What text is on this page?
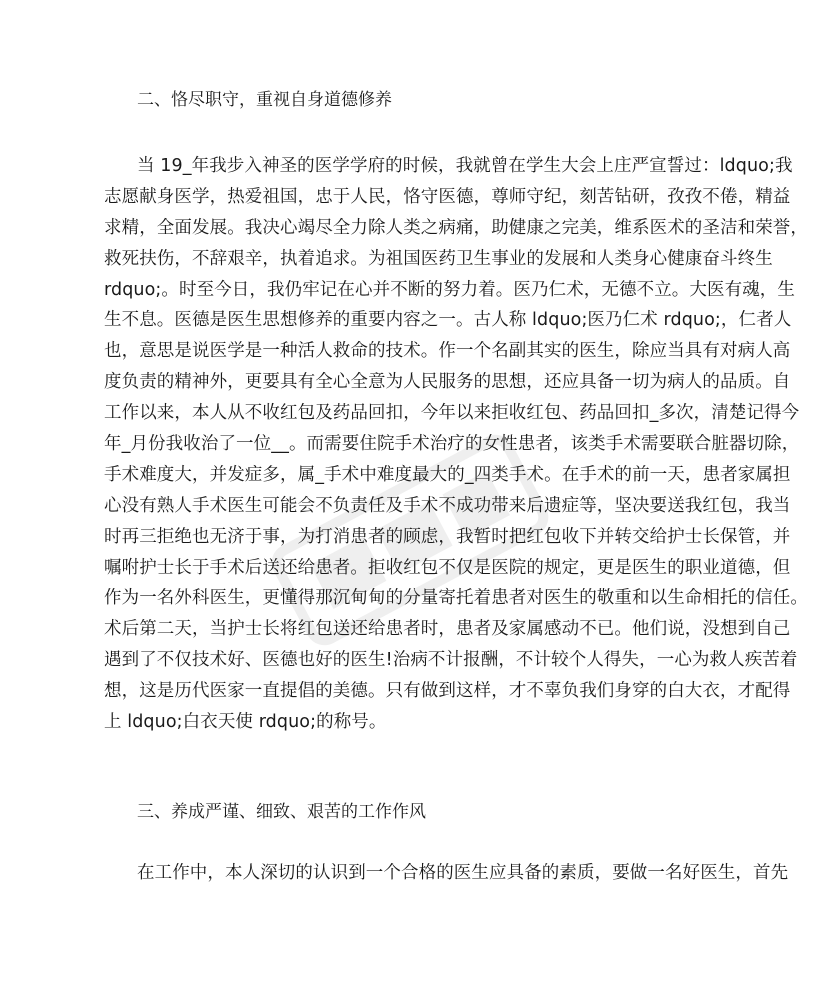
二、恪尽职守，重视自身道德修养
当 19_年我步入神圣的医学学府的时候，我就曾在学生大会上庄严宣誓过：ldquo;我
志愿献身医学，热爱祖国，忠于人民，恪守医德，尊师守纪，刻苦钻研，孜孜不倦，精益
求精，全面发展。我决心竭尽全力除人类之病痛，助健康之完美，维系医术的圣洁和荣誉，
救死扶伤，不辞艰辛，执着追求。为祖国医药卫生事业的发展和人类身心健康奋斗终生
rdquo;。时至今日，我仍牢记在心并不断的努力着。医乃仁术，无德不立。大医有魂，生
生不息。医德是医生思想修养的重要内容之一。古人称 ldquo;医乃仁术 rdquo;，仁者人
也，意思是说医学是一种活人救命的技术。作一个名副其实的医生，除应当具有对病人高
度负责的精神外，更要具有全心全意为人民服务的思想，还应具备一切为病人的品质。自
工作以来，本人从不收红包及药品回扣，今年以来拒收红包、药品回扣_多次，清楚记得今
年_月份我收治了一位__。而需要住院手术治疗的女性患者，该类手术需要联合脏器切除，
手术难度大，并发症多，属_手术中难度最大的_四类手术。在手术的前一天，患者家属担
心没有熟人手术医生可能会不负责任及手术不成功带来后遗症等，坚决要送我红包，我当
时再三拒绝也无济于事，为打消患者的顾虑，我暂时把红包收下并转交给护士长保管，并
嘱咐护士长于手术后送还给患者。拒收红包不仅是医院的规定，更是医生的职业道德，但
作为一名外科医生，更懂得那沉甸甸的分量寄托着患者对医生的敬重和以生命相托的信任。
术后第二天，当护士长将红包送还给患者时，患者及家属感动不已。他们说，没想到自己
遇到了不仅技术好、医德也好的医生!治病不计报酬，不计较个人得失，一心为救人疾苦着
想，这是历代医家一直提倡的美德。只有做到这样，才不辜负我们身穿的白大衣，才配得
上 ldquo;白衣天使 rdquo;的称号。
三、养成严谨、细致、艰苦的工作作风
在工作中，本人深切的认识到一个合格的医生应具备的素质，要做一名好医生，首先
